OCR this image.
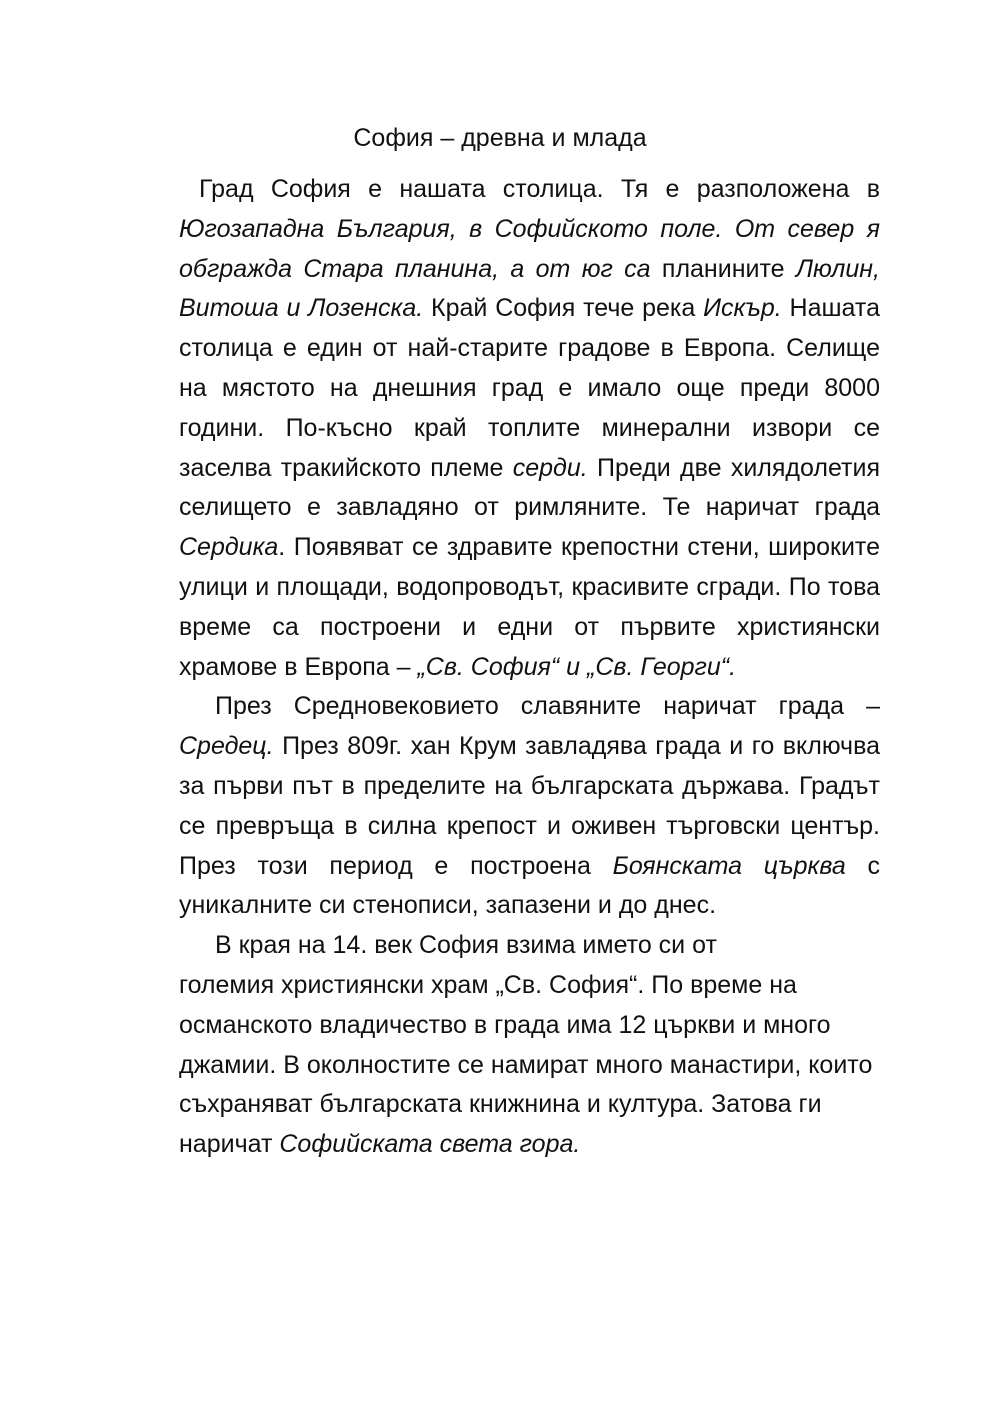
София – древна и млада

Град София е нашата столица. Тя е разположена в Югозападна България, в Софийското поле. От север я обгражда Стара планина, а от юг са планините Люлин, Витоша и Лозенска. Край София тече река Искър. Нашата столица е един от най-старите градове в Европа. Селище на мястото на днешния град е имало още преди 8000 години. По-късно край топлите минерални извори се заселва тракийското племе серди. Преди две хилядолетия селището е завладяно от римляните. Те наричат града Сердика. Появяват се здравите крепостни стени, широките улици и площади, водопроводът, красивите сгради. По това време са построени и едни от първите християнски храмове в Европа – „Св. София“ и „Св. Георги“.

През Средновековието славяните наричат града – Средец. През 809г. хан Крум завладява града и го включва за първи път в пределите на българската държава. Градът се превръща в силна крепост и оживен търговски център. През този период е построена Боянската църква с уникалните си стенописи, запазени и до днес.

В края на 14. век София взима името си от
големия християнски храм „Св. София“. По време на османското владичество в града има 12 църкви и много джамии. В околностите се намират много манастири, които съхраняват българската книжнина и култура. Затова ги наричат Софийската света гора.
